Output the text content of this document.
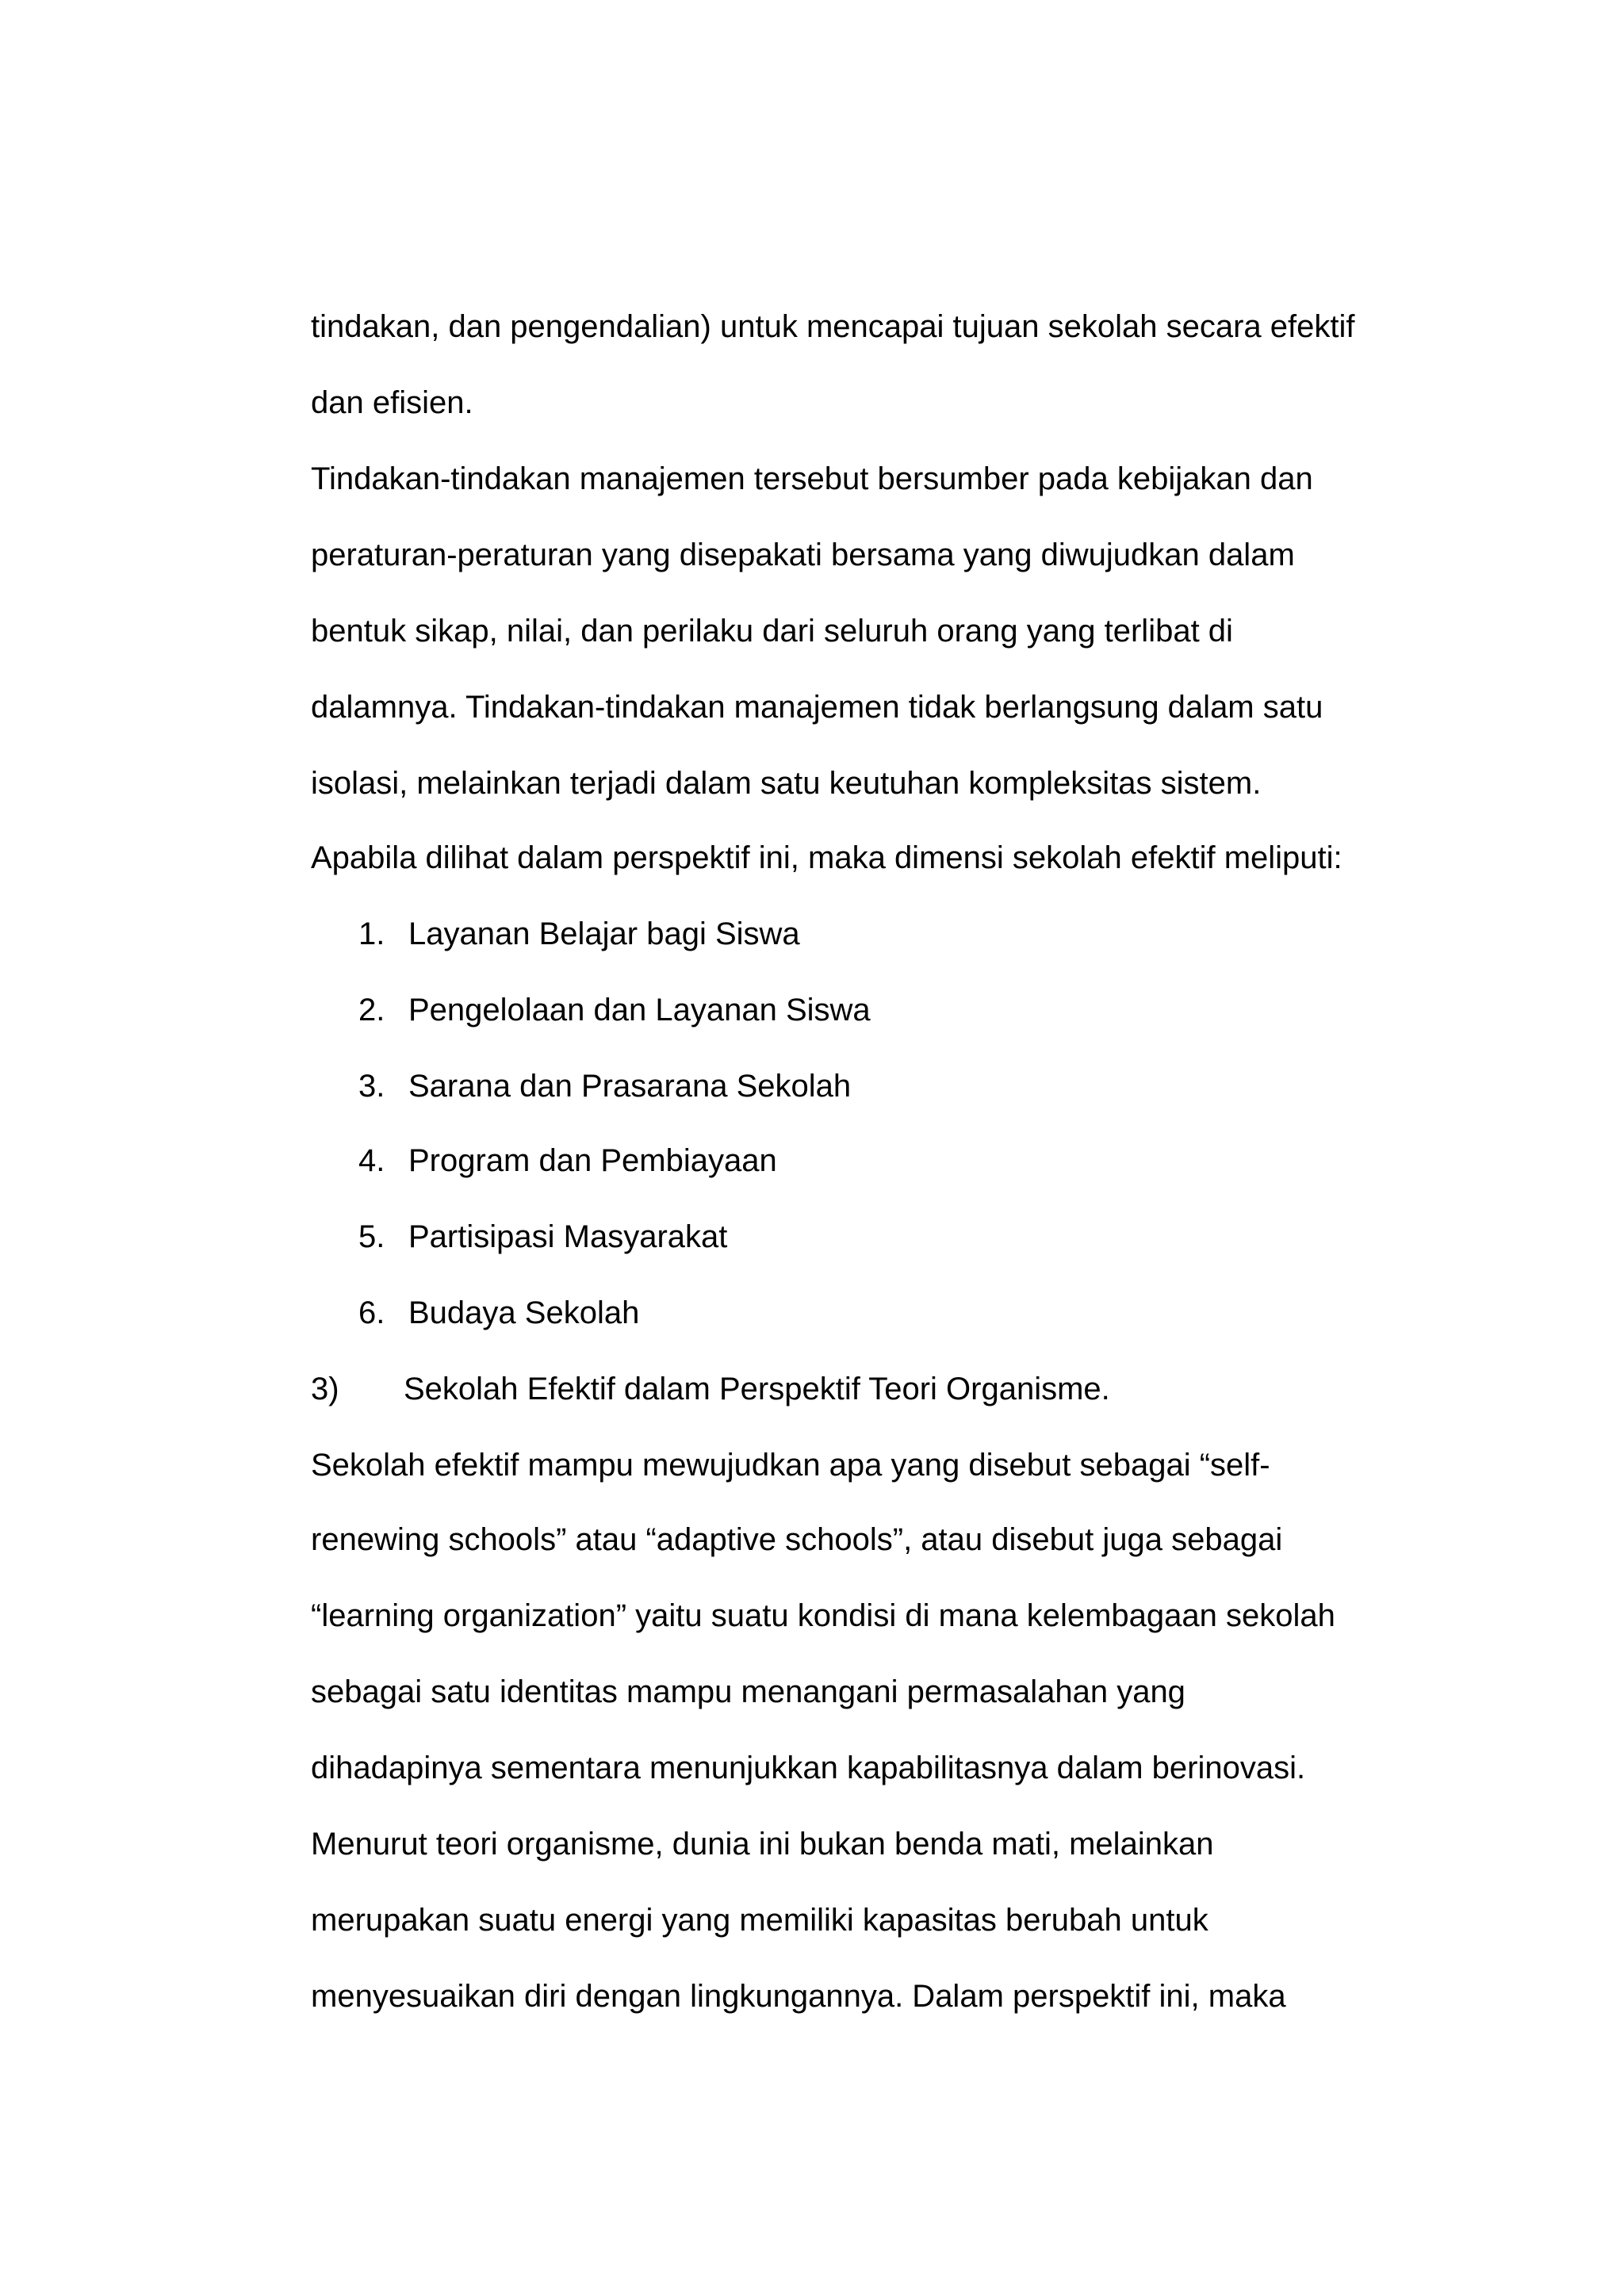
tindakan, dan pengendalian) untuk mencapai tujuan sekolah secara efektif
dan efisien.
Tindakan-tindakan manajemen tersebut bersumber pada kebijakan dan
peraturan-peraturan yang disepakati bersama yang diwujudkan dalam
bentuk sikap, nilai, dan perilaku dari seluruh orang yang terlibat di
dalamnya. Tindakan-tindakan manajemen tidak berlangsung dalam satu
isolasi, melainkan terjadi dalam satu keutuhan kompleksitas sistem.
Apabila dilihat dalam perspektif ini, maka dimensi sekolah efektif meliputi:
1. Layanan Belajar bagi Siswa
2. Pengelolaan dan Layanan Siswa
3. Sarana dan Prasarana Sekolah
4. Program dan Pembiayaan
5. Partisipasi Masyarakat
6. Budaya Sekolah
3) Sekolah Efektif dalam Perspektif Teori Organisme.
Sekolah efektif mampu mewujudkan apa yang disebut sebagai “self-
renewing schools” atau “adaptive schools”, atau disebut juga sebagai
“learning organization” yaitu suatu kondisi di mana kelembagaan sekolah
sebagai satu identitas mampu menangani permasalahan yang
dihadapinya sementara menunjukkan kapabilitasnya dalam berinovasi.
Menurut teori organisme, dunia ini bukan benda mati, melainkan
merupakan suatu energi yang memiliki kapasitas berubah untuk
menyesuaikan diri dengan lingkungannya. Dalam perspektif ini, maka
